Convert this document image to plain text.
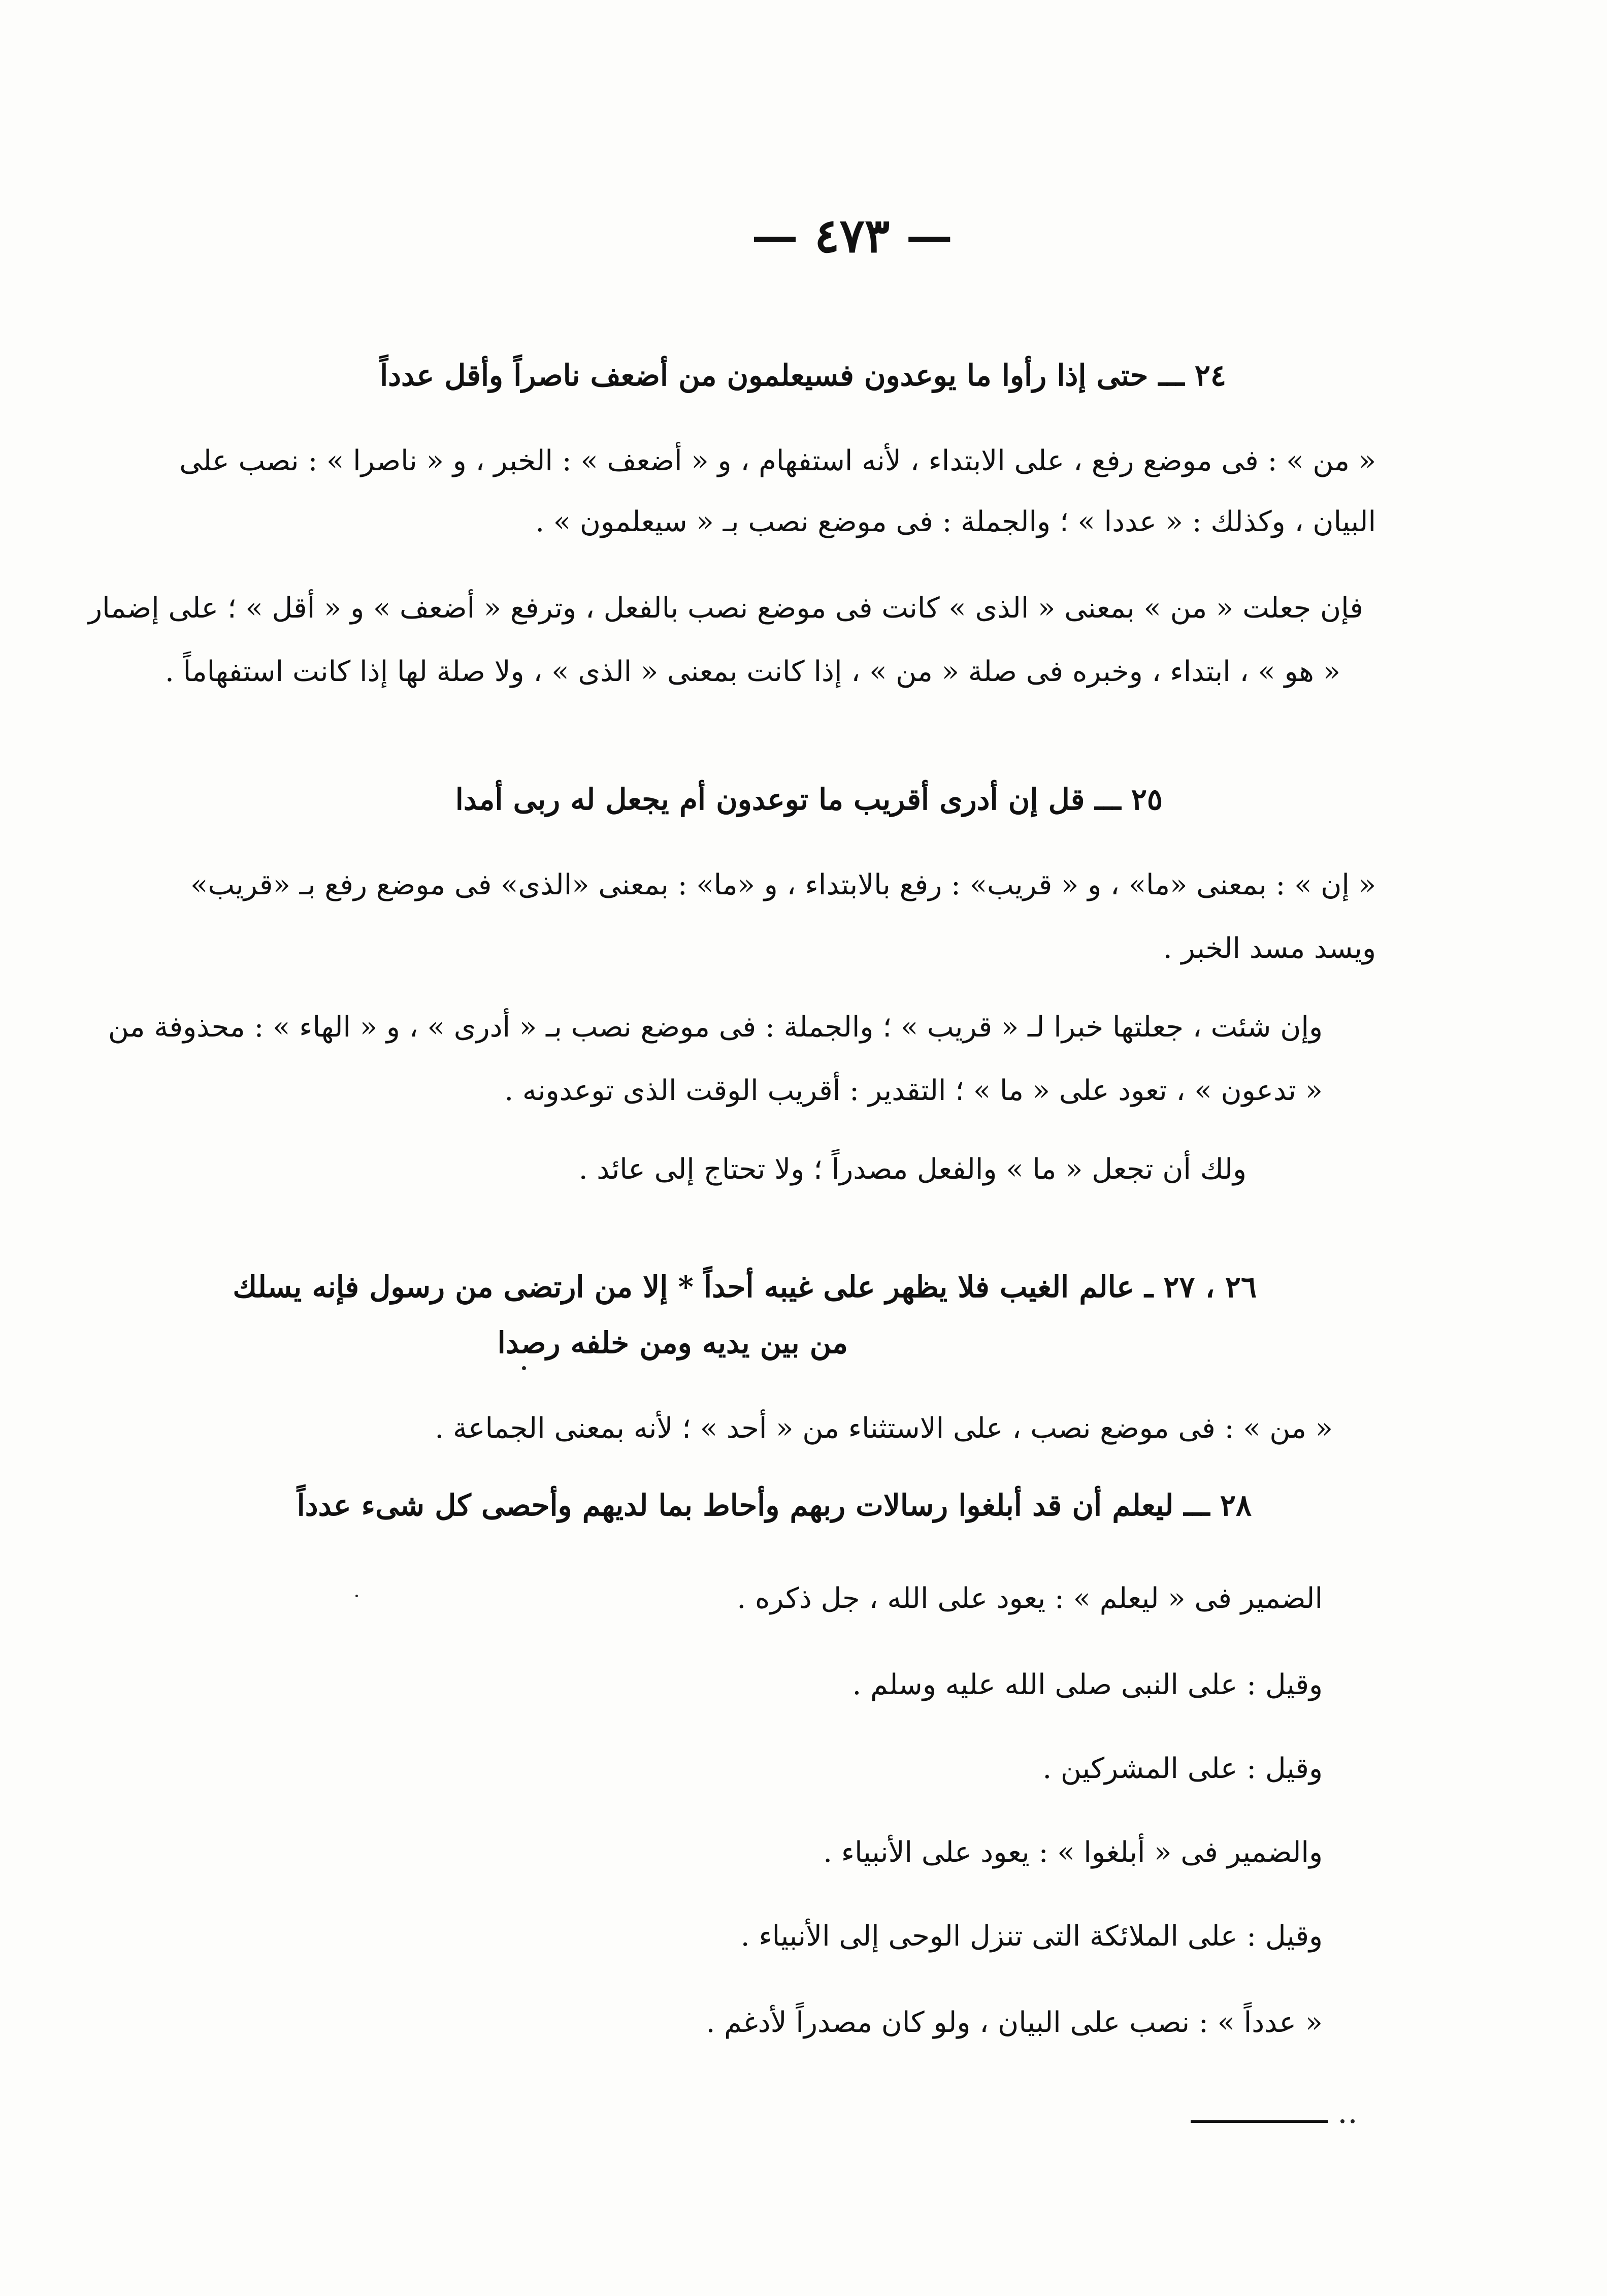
— ٤٧٣ —
٢٤ ـــ حتى إذا رأوا ما يوعدون فسيعلمون من أضعف ناصراً وأقل عدداً
« من » : فى موضع رفع ، على الابتداء ، لأنه استفهام ، و « أضعف » : الخبر ، و « ناصرا » : نصب على
البيان ، وكذلك : « عددا » ؛ والجملة : فى موضع نصب بـ « سيعلمون » .
فإن جعلت « من » بمعنى « الذى » كانت فى موضع نصب بالفعل ، وترفع « أضعف » و « أقل » ؛ على إضمار
« هو » ، ابتداء ، وخبره فى صلة « من » ، إذا كانت بمعنى « الذى » ، ولا صلة لها إذا كانت استفهاماً .
٢٥ ـــ قل إن أدرى أقريب ما توعدون أم يجعل له ربى أمدا
« إن » : بمعنى «ما» ، و « قريب» : رفع بالابتداء ، و «ما» : بمعنى «الذى» فى موضع رفع بـ «قريب»
ويسد مسد الخبر .
وإن شئت ، جعلتها خبرا لـ « قريب » ؛ والجملة : فى موضع نصب بـ « أدرى » ، و « الهاء » : محذوفة من
« تدعون » ، تعود على « ما » ؛ التقدير : أقريب الوقت الذى توعدونه .
ولك أن تجعل « ما » والفعل مصدراً ؛ ولا تحتاج إلى عائد .
٢٦ ، ٢٧ ـ عالم الغيب فلا يظهر على غيبه أحداً * إلا من ارتضى من رسول فإنه يسلك
من بين يديه ومن خلفه رصدا
« من » : فى موضع نصب ، على الاستثناء من « أحد » ؛ لأنه بمعنى الجماعة .
٢٨ ـــ ليعلم أن قد أبلغوا رسالات ربهم وأحاط بما لديهم وأحصى كل شىء عدداً
الضمير فى « ليعلم » : يعود على الله ، جل ذكره .
وقيل : على النبى صلى الله عليه وسلم .
وقيل : على المشركين .
والضمير فى « أبلغوا » : يعود على الأنبياء .
وقيل : على الملائكة التى تنزل الوحى إلى الأنبياء .
« عدداً » : نصب على البيان ، ولو كان مصدراً لأدغم .
